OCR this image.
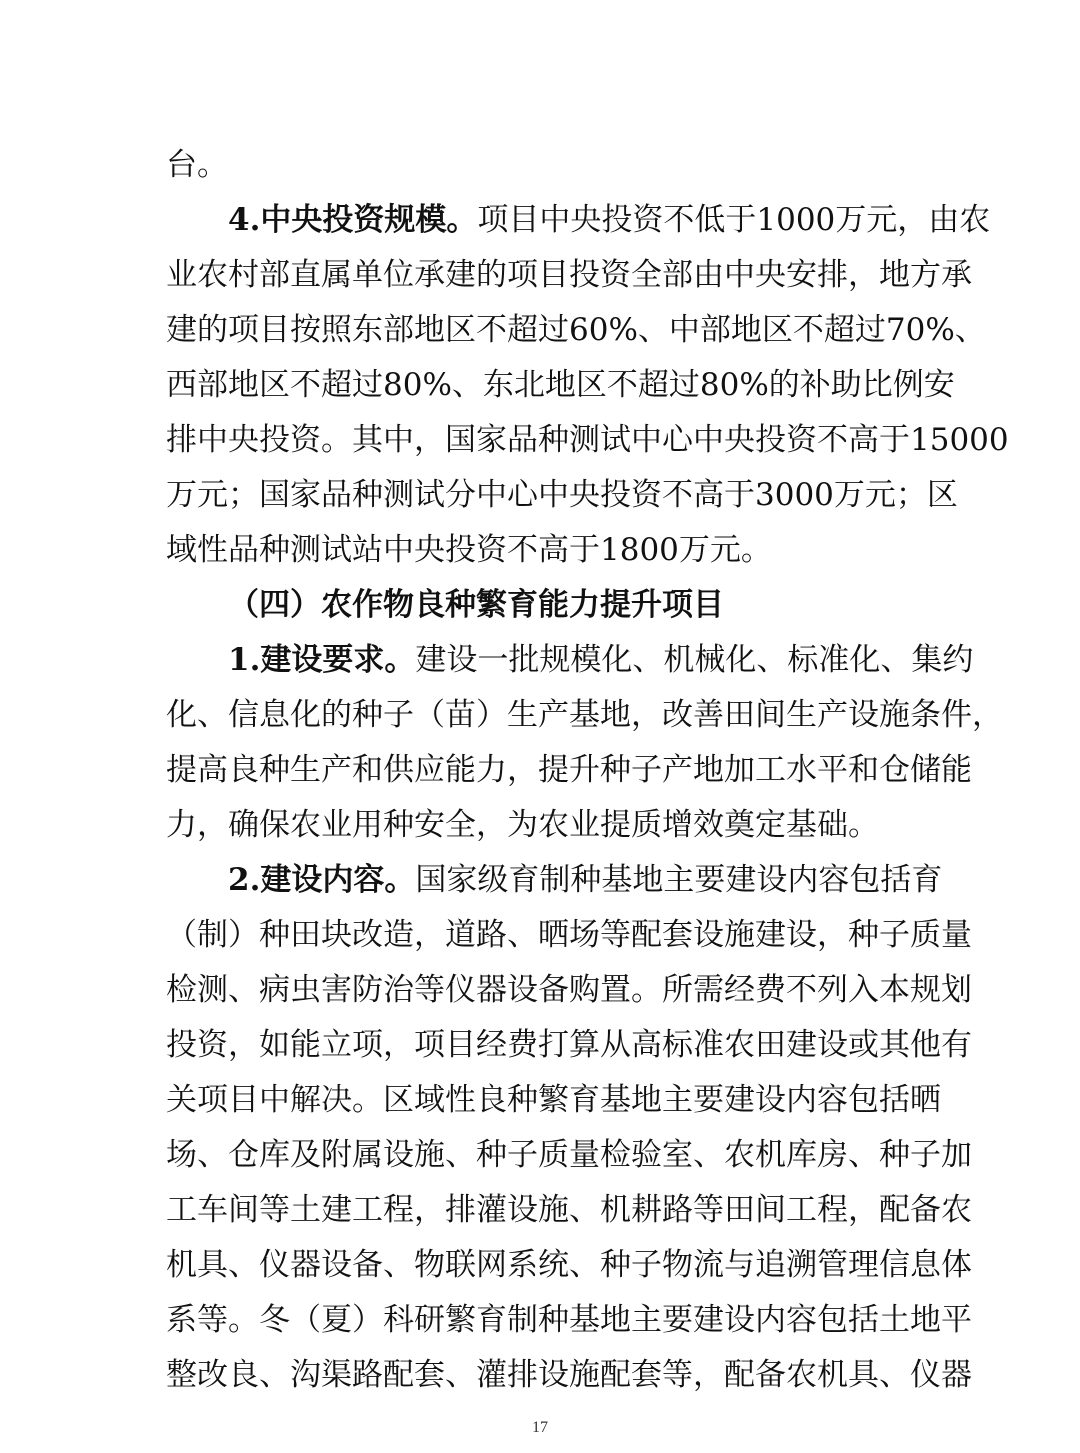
台。
4.中央投资规模。项目中央投资不低于1000万元，由农
业农村部直属单位承建的项目投资全部由中央安排，地方承
建的项目按照东部地区不超过60%、中部地区不超过70%、
西部地区不超过80%、东北地区不超过80%的补助比例安
排中央投资。其中，国家品种测试中心中央投资不高于15000
万元；国家品种测试分中心中央投资不高于3000万元；区
域性品种测试站中央投资不高于1800万元。
（四）农作物良种繁育能力提升项目
1.建设要求。建设一批规模化、机械化、标准化、集约
化、信息化的种子（苗）生产基地，改善田间生产设施条件，
提高良种生产和供应能力，提升种子产地加工水平和仓储能
力，确保农业用种安全，为农业提质增效奠定基础。
2.建设内容。国家级育制种基地主要建设内容包括育
（制）种田块改造，道路、晒场等配套设施建设，种子质量
检测、病虫害防治等仪器设备购置。所需经费不列入本规划
投资，如能立项，项目经费打算从高标准农田建设或其他有
关项目中解决。区域性良种繁育基地主要建设内容包括晒
场、仓库及附属设施、种子质量检验室、农机库房、种子加
工车间等土建工程，排灌设施、机耕路等田间工程，配备农
机具、仪器设备、物联网系统、种子物流与追溯管理信息体
系等。冬（夏）科研繁育制种基地主要建设内容包括土地平
整改良、沟渠路配套、灌排设施配套等，配备农机具、仪器
17
